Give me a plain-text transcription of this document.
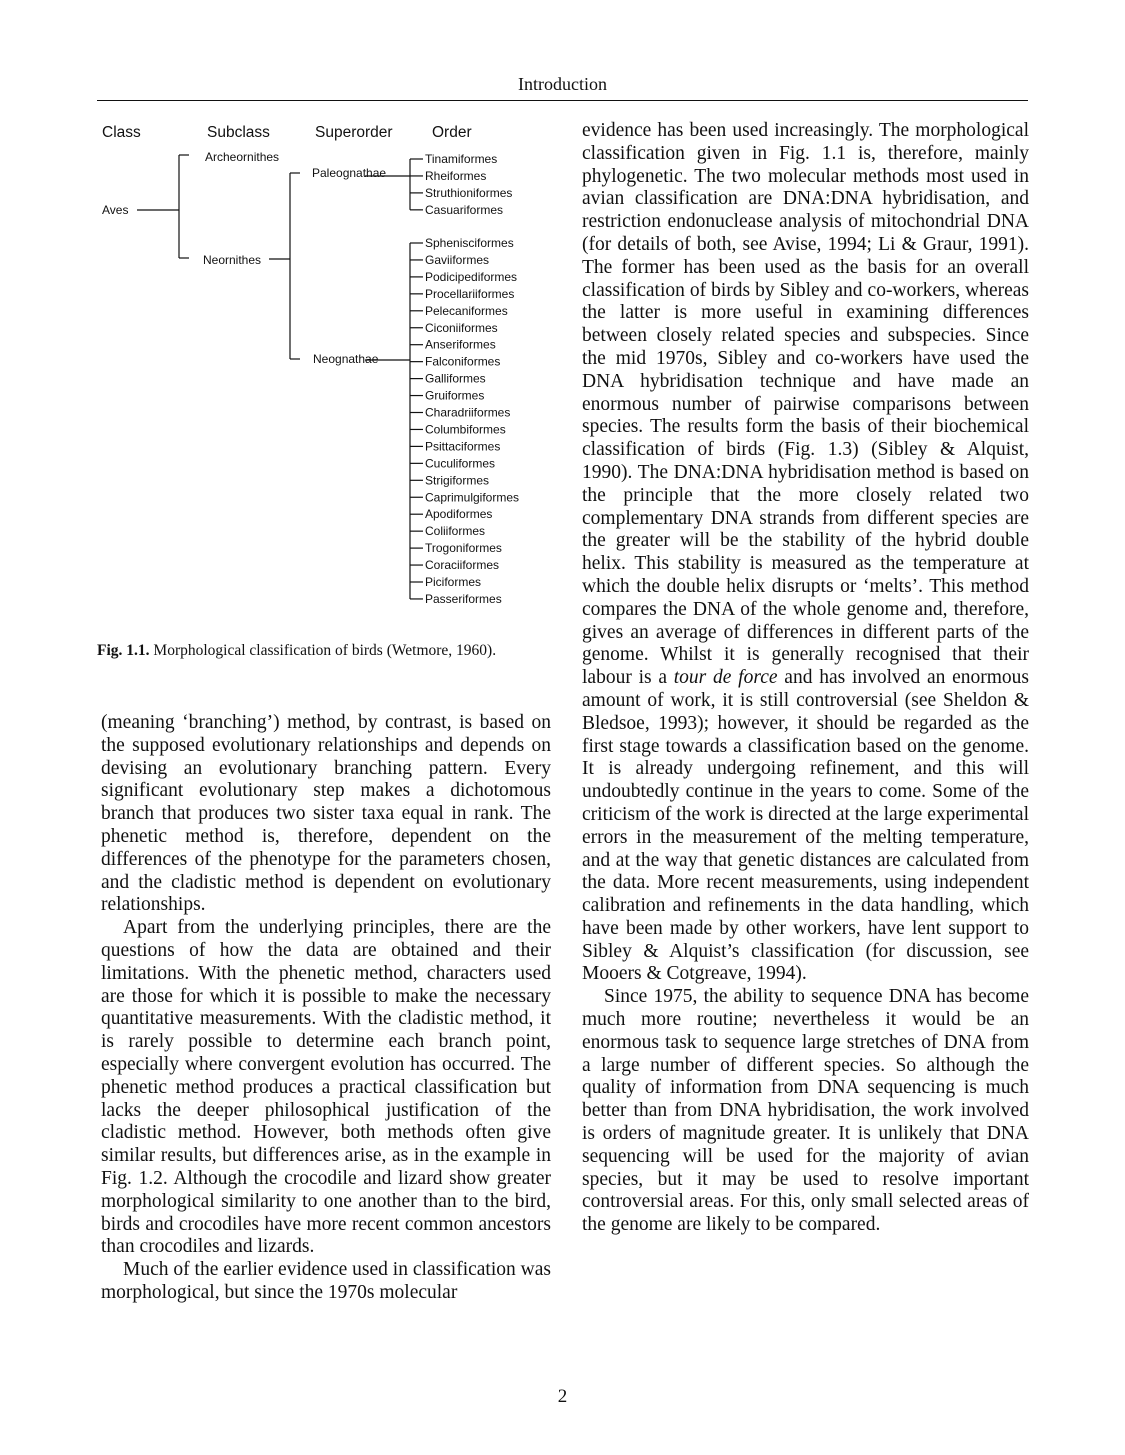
Introduction
Class	Subclass	Superorder	Order
Aves
Archeornithes
Neornithes
Paleognathae
Neognathae
Tinamiformes
Rheiformes
Struthioniformes
Casuariformes
Sphenisciformes
Gaviiformes
Podicipediformes
Procellariiformes
Pelecaniformes
Ciconiiformes
Anseriformes
Falconiformes
Galliformes
Gruiformes
Charadriiformes
Columbiformes
Psittaciformes
Cuculiformes
Strigiformes
Caprimulgiformes
Apodiformes
Coliiformes
Trogoniformes
Coraciiformes
Piciformes
Passeriformes
Fig. 1.1. Morphological classification of birds (Wetmore, 1960).

(meaning ‘branching’) method, by contrast, is based on the supposed evolutionary relationships and depends on devising an evolutionary branching pattern. Every significant evolutionary step makes a dichotomous branch that produces two sister taxa equal in rank. The phenetic method is, therefore, dependent on the differences of the phenotype for the parameters chosen, and the cladistic method is dependent on evolutionary relationships.

Apart from the underlying principles, there are the questions of how the data are obtained and their limitations. With the phenetic method, characters used are those for which it is possible to make the necessary quantitative measurements. With the cladistic method, it is rarely possible to determine each branch point, especially where convergent evolution has occurred. The phenetic method produces a practical classification but lacks the deeper philosophical justification of the cladistic method. However, both methods often give similar results, but differences arise, as in the example in Fig. 1.2. Although the crocodile and lizard show greater morphological similarity to one another than to the bird, birds and crocodiles have more recent common ancestors than crocodiles and lizards.

Much of the earlier evidence used in classification was morphological, but since the 1970s molecular

evidence has been used increasingly. The morphological classification given in Fig. 1.1 is, therefore, mainly phylogenetic. The two molecular methods most used in avian classification are DNA:DNA hybridisation, and restriction endonuclease analysis of mitochondrial DNA (for details of both, see Avise, 1994; Li & Graur, 1991). The former has been used as the basis for an overall classification of birds by Sibley and co-workers, whereas the latter is more useful in examining differences between closely related species and subspecies. Since the mid 1970s, Sibley and co-workers have used the DNA hybridisation technique and have made an enormous number of pairwise comparisons between species. The results form the basis of their biochemical classification of birds (Fig. 1.3) (Sibley & Alquist, 1990). The DNA:DNA hybridisation method is based on the principle that the more closely related two complementary DNA strands from different species are the greater will be the stability of the hybrid double helix. This stability is measured as the temperature at which the double helix disrupts or ‘melts’. This method compares the DNA of the whole genome and, therefore, gives an average of differences in different parts of the genome. Whilst it is generally recognised that their labour is a tour de force and has involved an enormous amount of work, it is still controversial (see Sheldon & Bledsoe, 1993); however, it should be regarded as the first stage towards a classification based on the genome. It is already undergoing refinement, and this will undoubtedly continue in the years to come. Some of the criticism of the work is directed at the large experimental errors in the measurement of the melting temperature, and at the way that genetic distances are calculated from the data. More recent measurements, using independent calibration and refinements in the data handling, which have been made by other workers, have lent support to Sibley & Alquist’s classification (for discussion, see Mooers & Cotgreave, 1994).

Since 1975, the ability to sequence DNA has become much more routine; nevertheless it would be an enormous task to sequence large stretches of DNA from a large number of different species. So although the quality of information from DNA sequencing is much better than from DNA hybridisation, the work involved is orders of magnitude greater. It is unlikely that DNA sequencing will be used for the majority of avian species, but it may be used to resolve important controversial areas. For this, only small selected areas of the genome are likely to be compared.

2
